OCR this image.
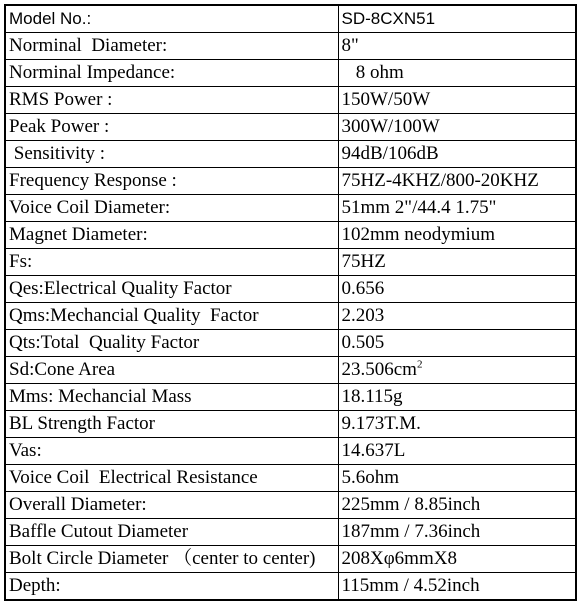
Model No.:	SD-8CXN51
Norminal  Diameter:	8"
Norminal Impedance:	8 ohm
RMS Power :	150W/50W
Peak Power :	300W/100W
Sensitivity :	94dB/106dB
Frequency Response :	75HZ-4KHZ/800-20KHZ
Voice Coil Diameter:	51mm 2"/44.4 1.75"
Magnet Diameter:	102mm neodymium
Fs:	75HZ
Qes:Electrical Quality Factor	0.656
Qms:Mechancial Quality  Factor	2.203
Qts:Total  Quality Factor	0.505
Sd:Cone Area	$23.506cm^2$
Mms: Mechancial Mass	18.115g
BL Strength Factor	9.173T.M.
Vas:	14.637L
Voice Coil  Electrical Resistance	5.6ohm
Overall Diameter:	225mm / 8.85inch
Baffle Cutout Diameter	187mm / 7.36inch
Bolt Circle Diameter （center to center)	208Xφ6mmX8
Depth:	115mm / 4.52inch
